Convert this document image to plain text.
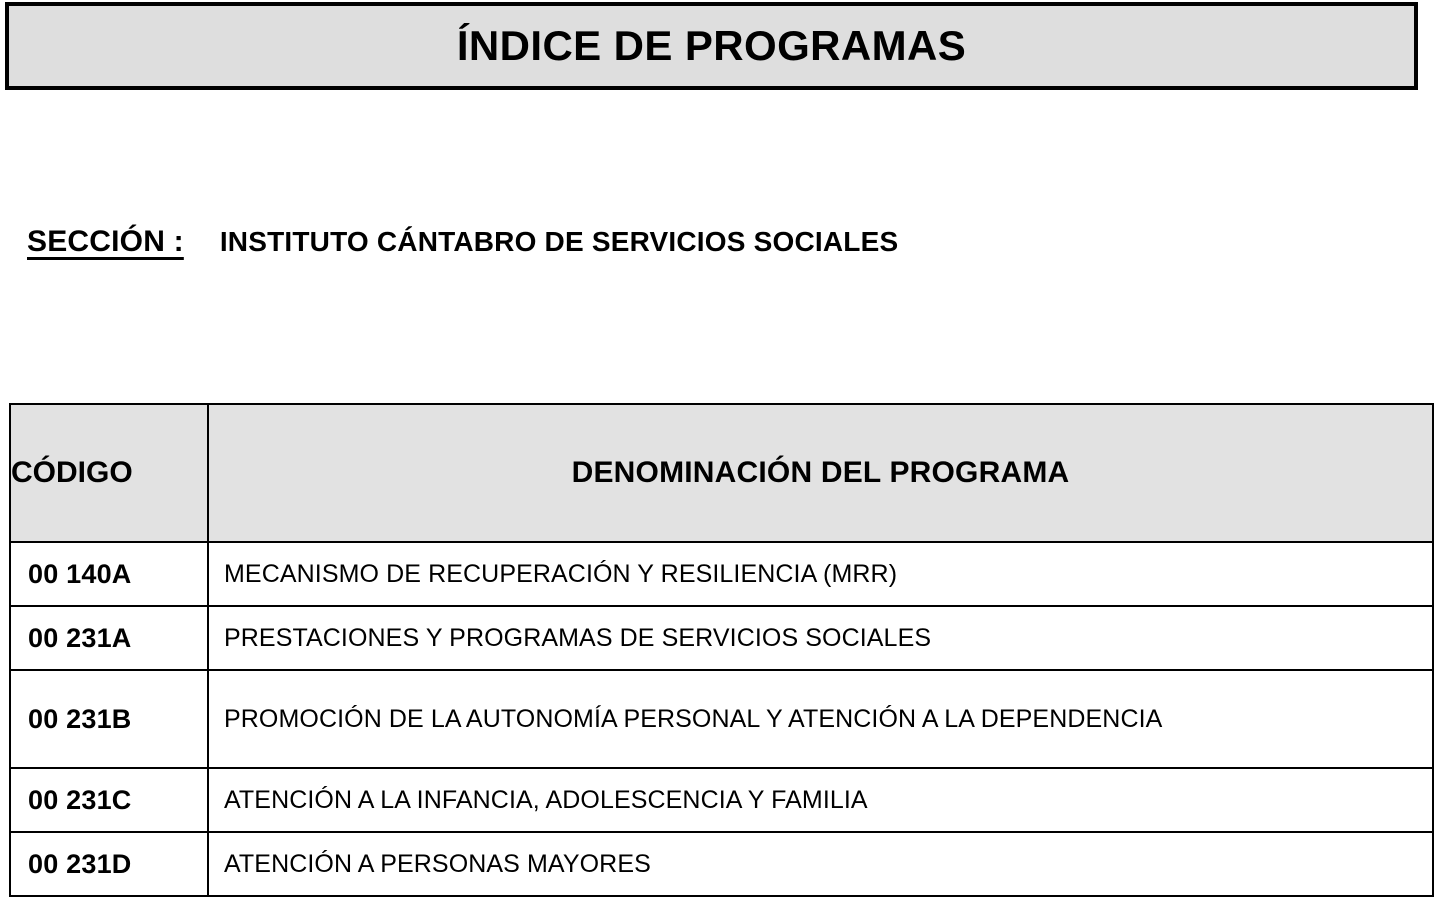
ÍNDICE DE PROGRAMAS
SECCIÓN : INSTITUTO CÁNTABRO DE SERVICIOS SOCIALES
CÓDIGO	DENOMINACIÓN DEL PROGRAMA
00 140A	MECANISMO DE RECUPERACIÓN Y RESILIENCIA (MRR)
00 231A	PRESTACIONES Y PROGRAMAS DE SERVICIOS SOCIALES
00 231B	PROMOCIÓN DE LA AUTONOMÍA PERSONAL Y ATENCIÓN A LA DEPENDENCIA
00 231C	ATENCIÓN A LA INFANCIA, ADOLESCENCIA Y FAMILIA
00 231D	ATENCIÓN A PERSONAS MAYORES
